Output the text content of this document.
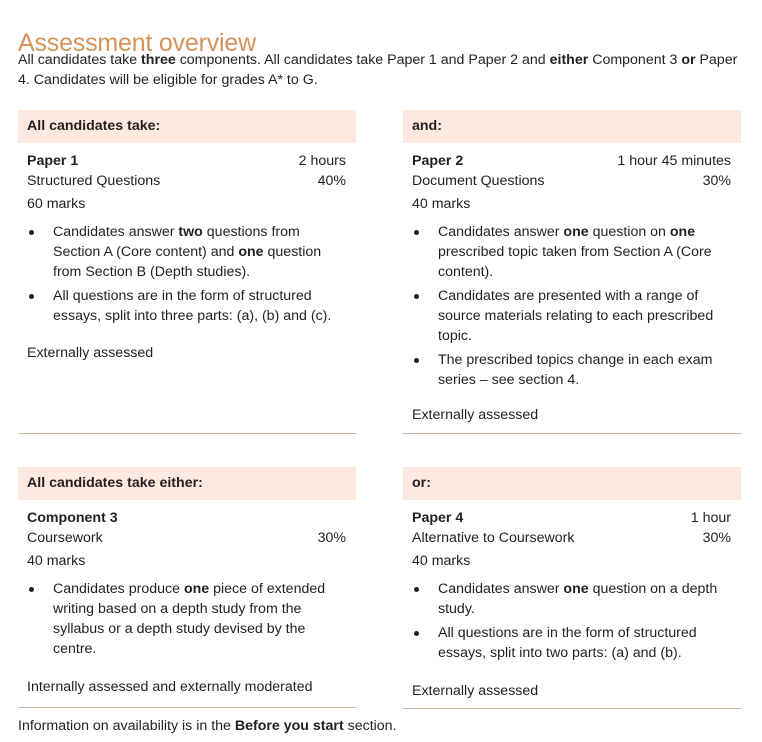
Assessment overview

All candidates take three components. All candidates take Paper 1 and Paper 2 and either Component 3 or Paper 4. Candidates will be eligible for grades A* to G.

All candidates take:
Paper 1	2 hours
Structured Questions	40%
60 marks
Candidates answer two questions from Section A (Core content) and one question from Section B (Depth studies).
All questions are in the form of structured essays, split into three parts: (a), (b) and (c).
Externally assessed
and:
Paper 2	1 hour 45 minutes
Document Questions	30%
40 marks
Candidates answer one question on one prescribed topic taken from Section A (Core content).
Candidates are presented with a range of source materials relating to each prescribed topic.
The prescribed topics change in each exam series – see section 4.
Externally assessed
All candidates take either:
Component 3
Coursework	30%
40 marks
Candidates produce one piece of extended writing based on a depth study from the syllabus or a depth study devised by the centre.
Internally assessed and externally moderated
or:
Paper 4	1 hour
Alternative to Coursework	30%
40 marks
Candidates answer one question on a depth study.
All questions are in the form of structured essays, split into two parts: (a) and (b).
Externally assessed

Information on availability is in the Before you start section.
